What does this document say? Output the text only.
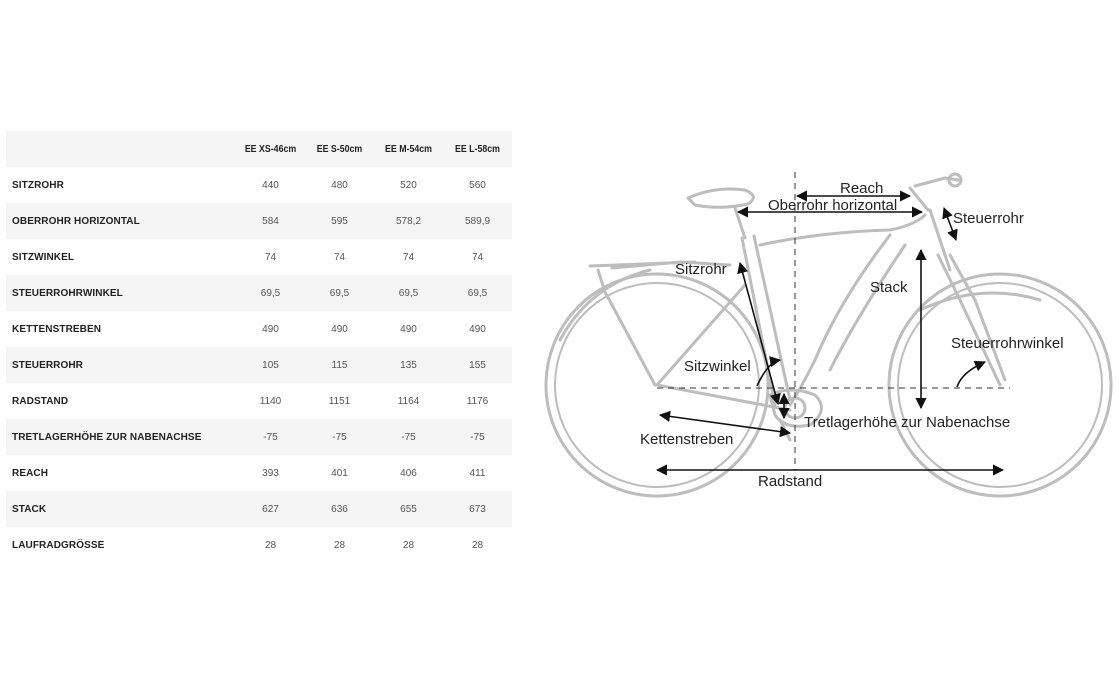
	EE XS-46cm	EE S-50cm	EE M-54cm	EE L-58cm
SITZROHR	440	480	520	560
OBERROHR HORIZONTAL	584	595	578,2	589,9
SITZWINKEL	74	74	74	74
STEUERROHRWINKEL	69,5	69,5	69,5	69,5
KETTENSTREBEN	490	490	490	490
STEUERROHR	105	115	135	155
RADSTAND	1140	1151	1164	1176
TRETLAGERHÖHE ZUR NABENACHSE	-75	-75	-75	-75
REACH	393	401	406	411
STACK	627	636	655	673
LAUFRADGRÖSSE	28	28	28	28
Reach
Oberrohr horizontal
Steuerrohr
Sitzrohr
Stack
Steuerrohrwinkel
Sitzwinkel
Tretlagerhöhe zur Nabenachse
Kettenstreben
Radstand
